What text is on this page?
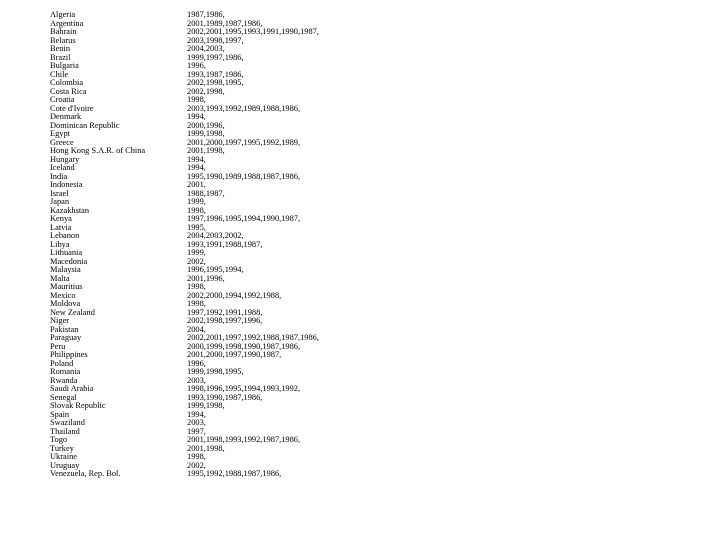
Algeria	1987,1986,
Argentina	2001,1989,1987,1986,
Bahrain	2002,2001,1995,1993,1991,1990,1987,
Belarus	2003,1998,1997,
Benin	2004,2003,
Brazil	1999,1997,1986,
Bulgaria	1996,
Chile	1993,1987,1986,
Colombia	2002,1998,1995,
Costa Rica	2002,1998,
Croatia	1998,
Cote d'Ivoire	2003,1993,1992,1989,1988,1986,
Denmark	1994,
Dominican Republic	2000,1996,
Egypt	1999,1998,
Greece	2001,2000,1997,1995,1992,1989,
Hong Kong S.A.R. of China	2001,1998,
Hungary	1994,
Iceland	1994,
India	1995,1990,1989,1988,1987,1986,
Indonesia	2001,
Israel	1988,1987,
Japan	1999,
Kazakhstan	1998,
Kenya	1997,1996,1995,1994,1990,1987,
Latvia	1995,
Lebanon	2004,2003,2002,
Libya	1993,1991,1988,1987,
Lithuania	1999,
Macedonia	2002,
Malaysia	1996,1995,1994,
Malta	2001,1996,
Mauritius	1998,
Mexico	2002,2000,1994,1992,1988,
Moldova	1998,
New Zealand	1997,1992,1991,1988,
Niger	2002,1998,1997,1996,
Pakistan	2004,
Paraguay	2002,2001,1997,1992,1988,1987,1986,
Peru	2000,1999,1998,1990,1987,1986,
Philippines	2001,2000,1997,1990,1987,
Poland	1996,
Romania	1999,1998,1995,
Rwanda	2003,
Saudi Arabia	1998,1996,1995,1994,1993,1992,
Senegal	1993,1990,1987,1986,
Slovak Republic	1999,1998,
Spain	1994,
Swaziland	2003,
Thailand	1997,
Togo	2001,1998,1993,1992,1987,1986,
Turkey	2001,1998,
Ukraine	1998,
Uruguay	2002,
Venezuela, Rep. Bol.	1995,1992,1988,1987,1986,
